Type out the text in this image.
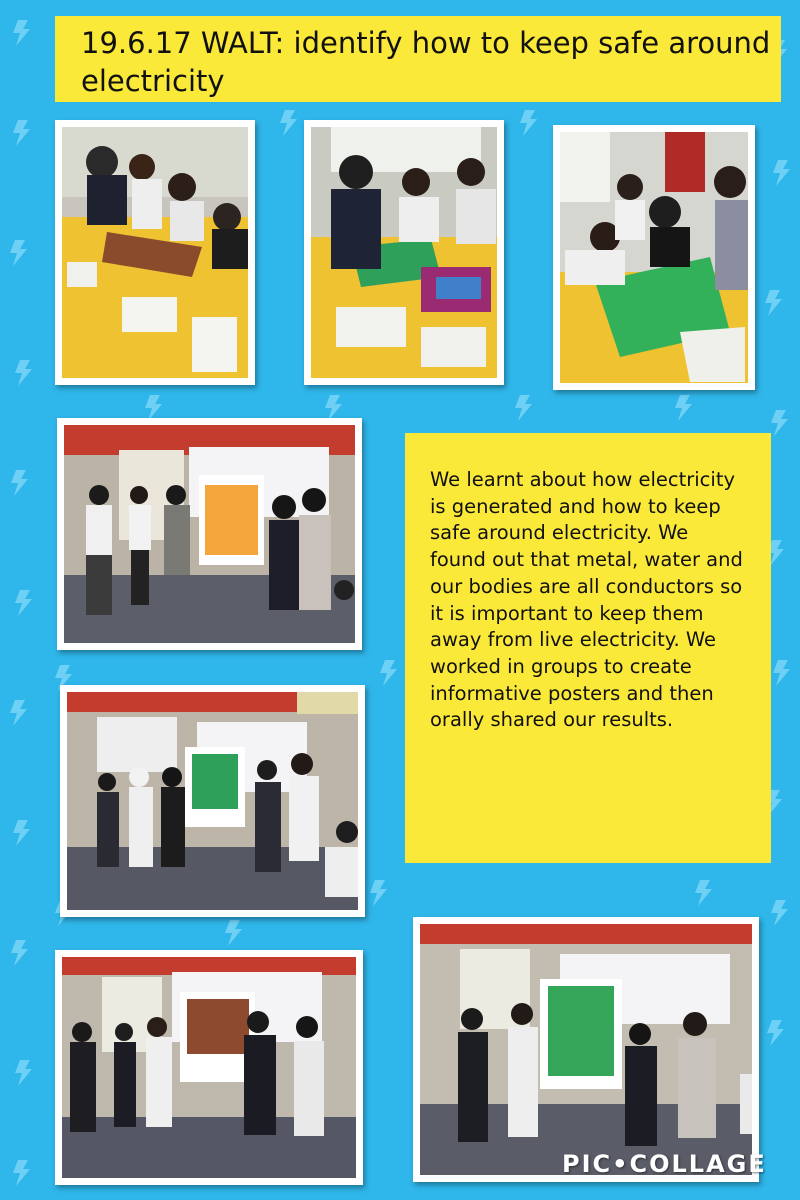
19.6.17 WALT: identify how to keep safe around electricity

We learnt about how electricity is generated and how to keep safe around electricity. We found out that metal, water and our bodies are all conductors so it is important to keep them away from live electricity. We worked in groups to create informative posters and then orally shared our results.

PIC•COLLAGE
